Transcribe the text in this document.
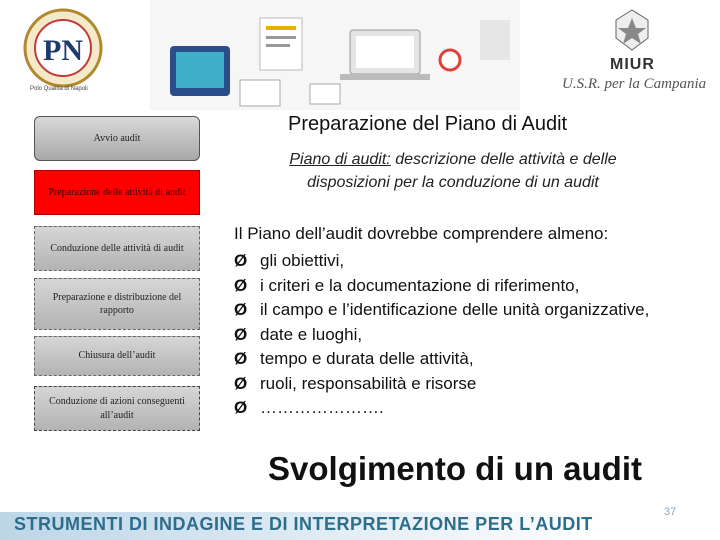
PN
Polo Qualità di Napoli
MIUR
U.S.R. per la Campania
Avvio audit
Preparazione delle attività di audit
Conduzione delle attività di audit
Preparazione e distribuzione del rapporto
Chiusura dell’audit
Conduzione di azioni conseguenti all’audit
Preparazione del Piano di Audit
Piano di audit: descrizione delle attività e delle disposizioni per la conduzione di un audit
Il Piano dell’audit dovrebbe comprendere almeno:
Ø gli obiettivi,
Ø i criteri e la documentazione di riferimento,
Ø il campo e l’identificazione delle unità organizzative,
Ø date e luoghi,
Ø tempo e durata delle attività,
Ø ruoli, responsabilità e risorse
Ø ………………….
Svolgimento di un audit
STRUMENTI DI INDAGINE E DI INTERPRETAZIONE PER L’AUDIT
37
